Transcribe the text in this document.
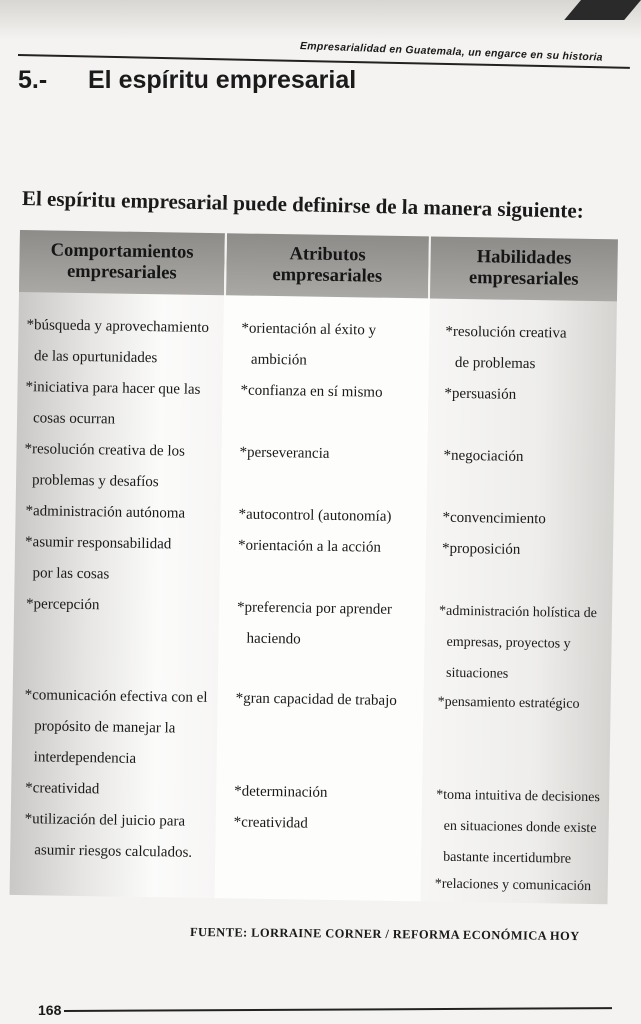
Empresarialidad en Guatemala, un engarce en su historia
5.- El espíritu empresarial
El espíritu empresarial puede definirse de la manera siguiente:
Comportamientos
empresariales
*búsqueda y aprovechamiento
de las opurtunidades
*iniciativa para hacer que las
cosas ocurran
*resolución creativa de los
problemas y desafíos
*administración autónoma
*asumir responsabilidad
por las cosas
*percepción
*comunicación efectiva con el
propósito de manejar la
interdependencia
*creatividad
*utilización del juicio para
asumir riesgos calculados.
Atributos
empresariales
*orientación al éxito y
ambición
*confianza en sí mismo
*perseverancia
*autocontrol (autonomía)
*orientación a la acción
*preferencia por aprender
haciendo
*gran capacidad de trabajo
*determinación
*creatividad
Habilidades
empresariales
*resolución creativa
de problemas
*persuasión
*negociación
*convencimiento
*proposición
*administración holística de
empresas, proyectos y
situaciones
*pensamiento estratégico
*toma intuitiva de decisiones
en situaciones donde existe
bastante incertidumbre
*relaciones y comunicación
FUENTE: LORRAINE CORNER / REFORMA ECONÓMICA HOY
168
